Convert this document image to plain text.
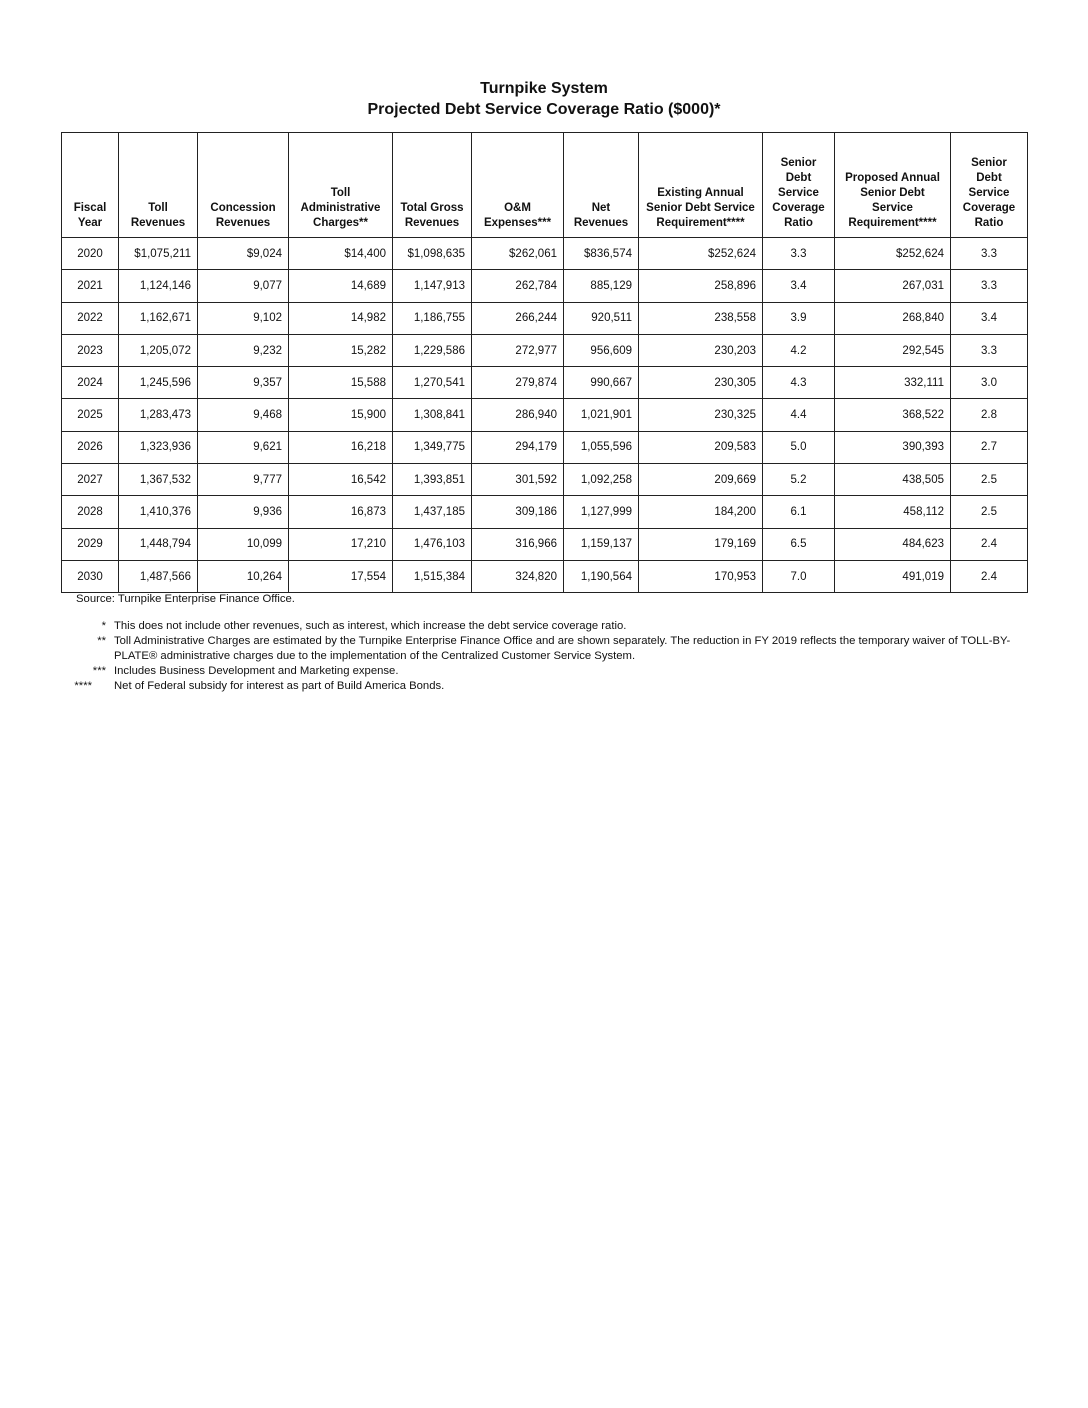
Turnpike System
Projected Debt Service Coverage Ratio ($000)*
Fiscal Year	Toll Revenues	Concession Revenues	Toll Administrative Charges**	Total Gross Revenues	O&M Expenses***	Net Revenues	Existing Annual Senior Debt Service Requirement****	Senior Debt Service Coverage Ratio	Proposed Annual Senior Debt Service Requirement****	Senior Debt Service Coverage Ratio
2020	$1,075,211	$9,024	$14,400	$1,098,635	$262,061	$836,574	$252,624	3.3	$252,624	3.3
2021	1,124,146	9,077	14,689	1,147,913	262,784	885,129	258,896	3.4	267,031	3.3
2022	1,162,671	9,102	14,982	1,186,755	266,244	920,511	238,558	3.9	268,840	3.4
2023	1,205,072	9,232	15,282	1,229,586	272,977	956,609	230,203	4.2	292,545	3.3
2024	1,245,596	9,357	15,588	1,270,541	279,874	990,667	230,305	4.3	332,111	3.0
2025	1,283,473	9,468	15,900	1,308,841	286,940	1,021,901	230,325	4.4	368,522	2.8
2026	1,323,936	9,621	16,218	1,349,775	294,179	1,055,596	209,583	5.0	390,393	2.7
2027	1,367,532	9,777	16,542	1,393,851	301,592	1,092,258	209,669	5.2	438,505	2.5
2028	1,410,376	9,936	16,873	1,437,185	309,186	1,127,999	184,200	6.1	458,112	2.5
2029	1,448,794	10,099	17,210	1,476,103	316,966	1,159,137	179,169	6.5	484,623	2.4
2030	1,487,566	10,264	17,554	1,515,384	324,820	1,190,564	170,953	7.0	491,019	2.4
Source: Turnpike Enterprise Finance Office.
* This does not include other revenues, such as interest, which increase the debt service coverage ratio.
** Toll Administrative Charges are estimated by the Turnpike Enterprise Finance Office and are shown separately. The reduction in FY 2019 reflects the temporary waiver of TOLL-BY-PLATE® administrative charges due to the implementation of the Centralized Customer Service System.
*** Includes Business Development and Marketing expense.
****	Net of Federal subsidy for interest as part of Build America Bonds.
